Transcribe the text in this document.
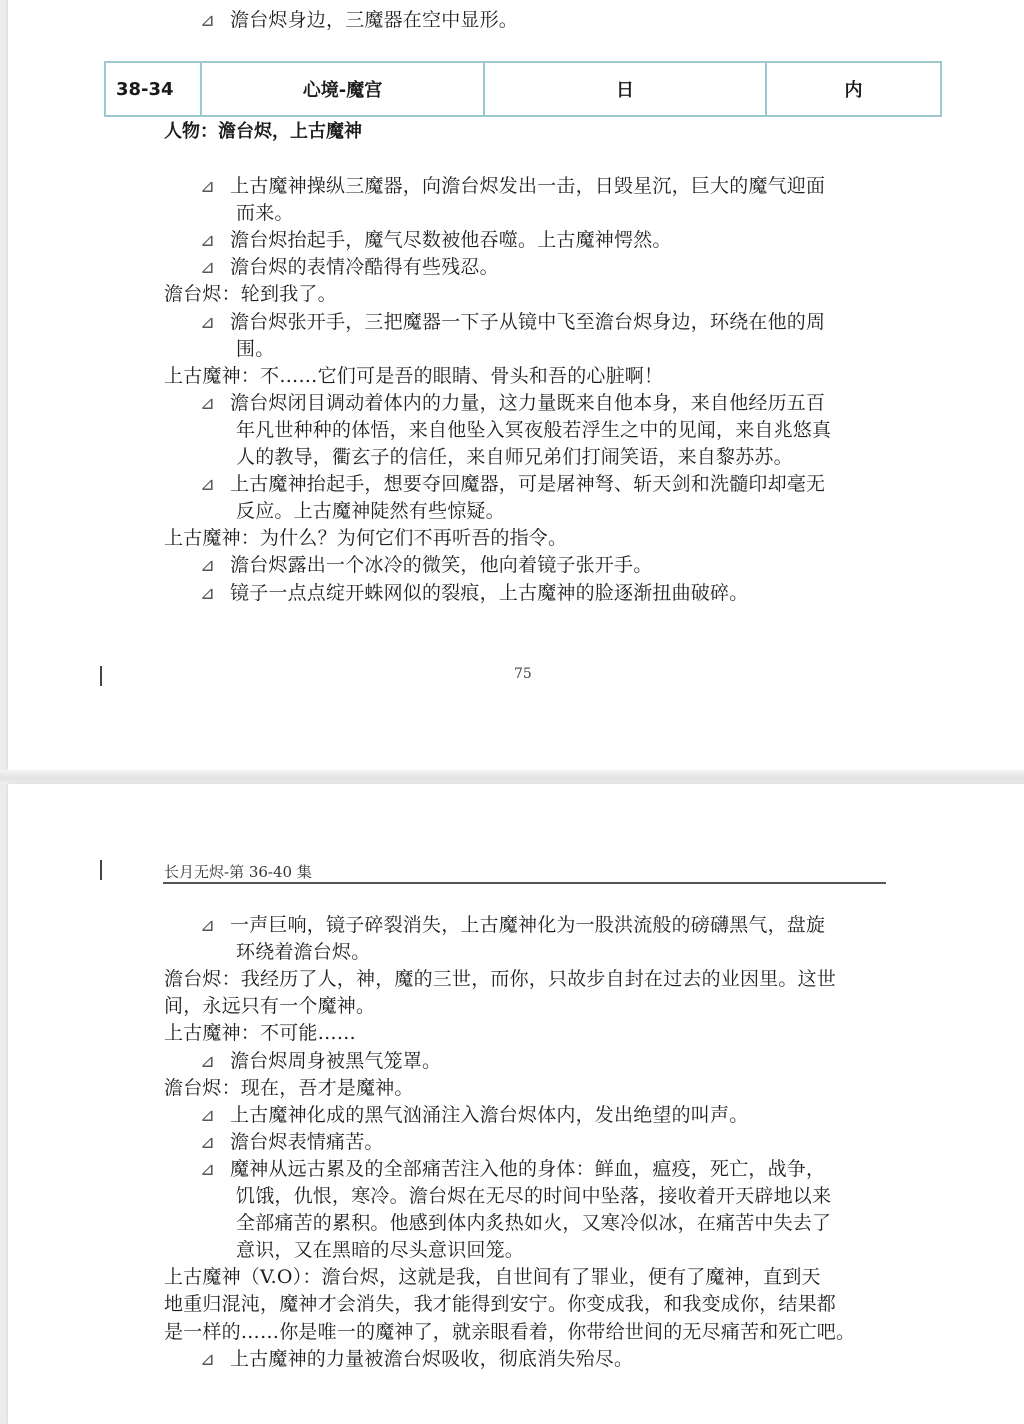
⊿ 澹台烬身边，三魔器在空中显形。
38-34	心境-魔宫	日	内
人物：澹台烬，上古魔神
⊿ 上古魔神操纵三魔器，向澹台烬发出一击，日毁星沉，巨大的魔气迎面
而来。
⊿ 澹台烬抬起手，魔气尽数被他吞噬。上古魔神愕然。
⊿ 澹台烬的表情冷酷得有些残忍。
澹台烬：轮到我了。
⊿ 澹台烬张开手，三把魔器一下子从镜中飞至澹台烬身边，环绕在他的周
围。
上古魔神：不……它们可是吾的眼睛、骨头和吾的心脏啊！
⊿ 澹台烬闭目调动着体内的力量，这力量既来自他本身，来自他经历五百
年凡世种种的体悟，来自他坠入冥夜般若浮生之中的见闻，来自兆悠真
人的教导，衢玄子的信任，来自师兄弟们打闹笑语，来自黎苏苏。
⊿ 上古魔神抬起手，想要夺回魔器，可是屠神弩、斩天剑和洗髓印却毫无
反应。上古魔神陡然有些惊疑。
上古魔神：为什么？为何它们不再听吾的指令。
⊿ 澹台烬露出一个冰冷的微笑，他向着镜子张开手。
⊿ 镜子一点点绽开蛛网似的裂痕，上古魔神的脸逐渐扭曲破碎。
75
长月无烬-第 36-40 集
⊿ 一声巨响，镜子碎裂消失，上古魔神化为一股洪流般的磅礴黑气，盘旋
环绕着澹台烬。
澹台烬：我经历了人，神，魔的三世，而你，只故步自封在过去的业因里。这世
间，永远只有一个魔神。
上古魔神：不可能……
⊿ 澹台烬周身被黑气笼罩。
澹台烬：现在，吾才是魔神。
⊿ 上古魔神化成的黑气汹涌注入澹台烬体内，发出绝望的叫声。
⊿ 澹台烬表情痛苦。
⊿ 魔神从远古累及的全部痛苦注入他的身体：鲜血，瘟疫，死亡，战争，
饥饿，仇恨，寒冷。澹台烬在无尽的时间中坠落，接收着开天辟地以来
全部痛苦的累积。他感到体内炙热如火，又寒冷似冰，在痛苦中失去了
意识，又在黑暗的尽头意识回笼。
上古魔神（V.O）：澹台烬，这就是我，自世间有了罪业，便有了魔神，直到天
地重归混沌，魔神才会消失，我才能得到安宁。你变成我，和我变成你，结果都
是一样的……你是唯一的魔神了，就亲眼看着，你带给世间的无尽痛苦和死亡吧。
⊿ 上古魔神的力量被澹台烬吸收，彻底消失殆尽。
